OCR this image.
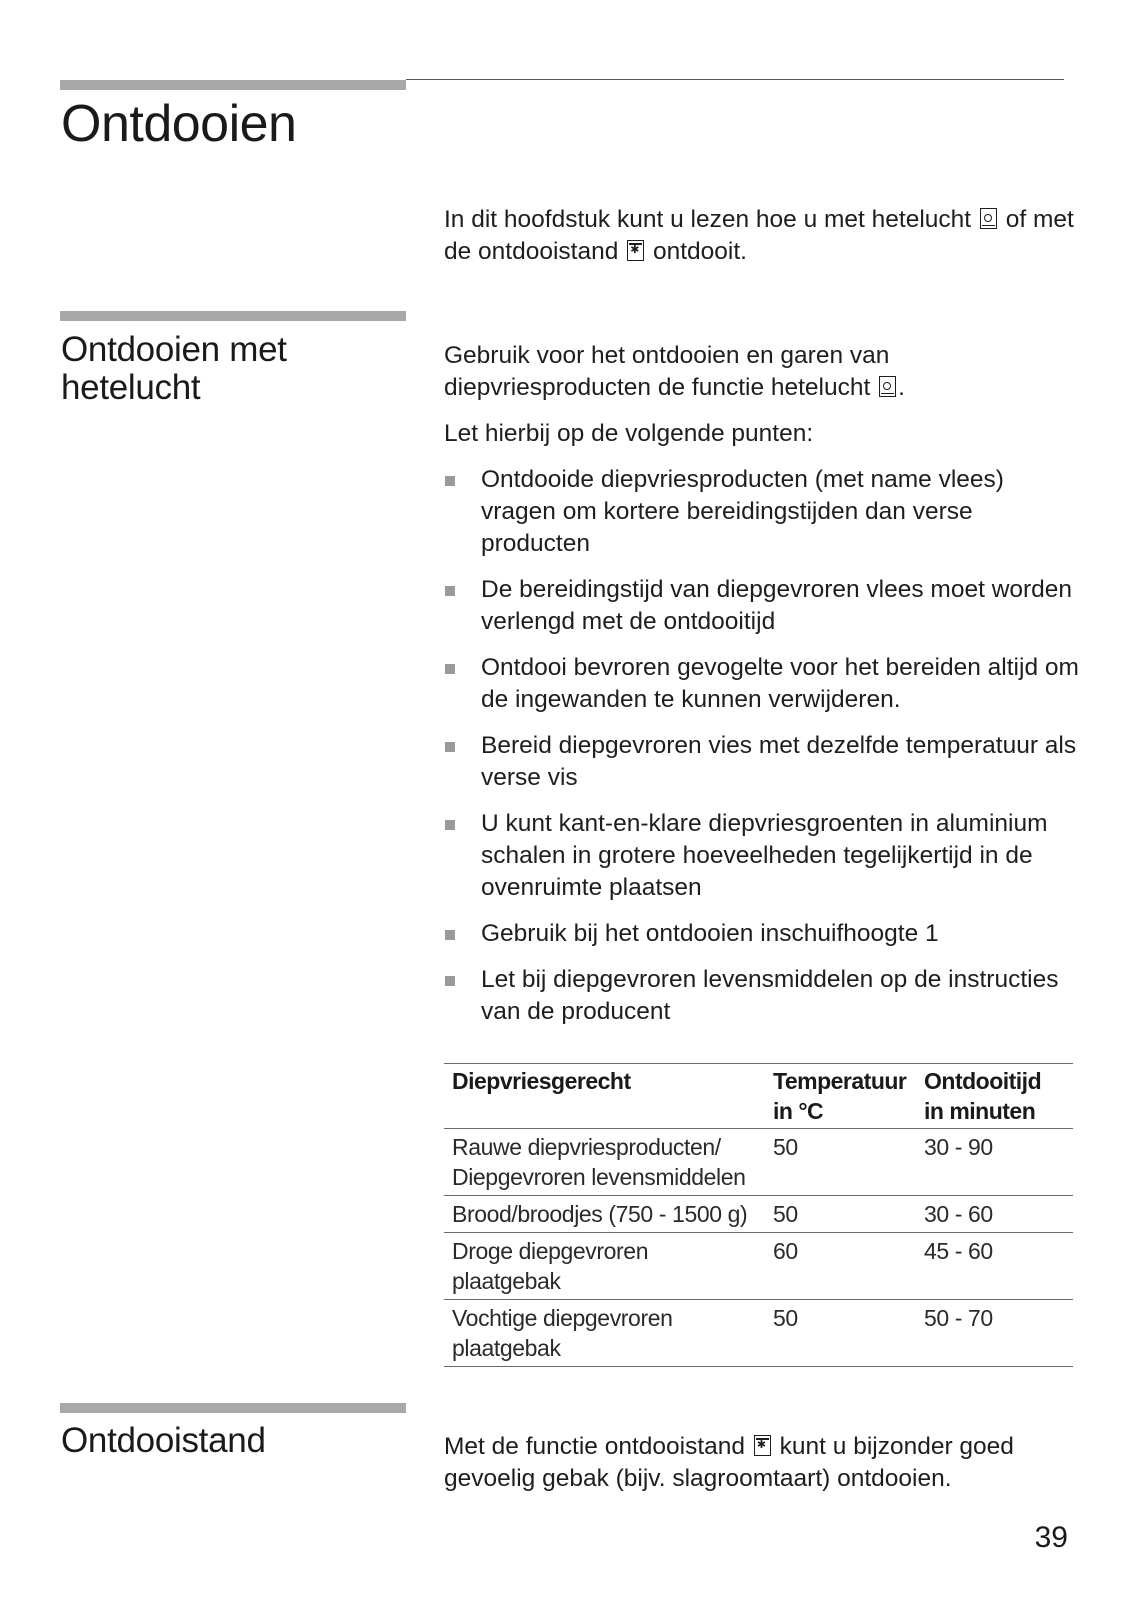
Ontdooien

In dit hoofdstuk kunt u lezen hoe u met hetelucht of met de ontdooistand ✱ ontdooit.

Ontdooien met
hetelucht

Gebruik voor het ontdooien en garen van diepvriesproducten de functie hetelucht .

Let hierbij op de volgende punten:

Ontdooide diepvriesproducten (met name vlees) vragen om kortere bereidingstijden dan verse producten
De bereidingstijd van diepgevroren vlees moet worden verlengd met de ontdooitijd
Ontdooi bevroren gevogelte voor het bereiden altijd om de ingewanden te kunnen verwijderen.
Bereid diepgevroren vies met dezelfde temperatuur als verse vis
U kunt kant-en-klare diepvriesgroenten in aluminium schalen in grotere hoeveelheden tegelijkertijd in de ovenruimte plaatsen
Gebruik bij het ontdooien inschuifhoogte 1
Let bij diepgevroren levensmiddelen op de instructies van de producent
Diepvriesgerecht	Temperatuur in °C	Ontdooitijd in minuten
Rauwe diepvriesproducten/ Diepgevroren levensmiddelen	50	30 - 90
Brood/broodjes (750 - 1500 g)	50	30 - 60
Droge diepgevroren plaatgebak	60	45 - 60
Vochtige diepgevroren plaatgebak	50	50 - 70
Ontdooistand	Met de functie ontdooistand ✱ kunt u bijzonder goed gevoelig gebak (bijv. slagroomtaart) ontdooien.

39
